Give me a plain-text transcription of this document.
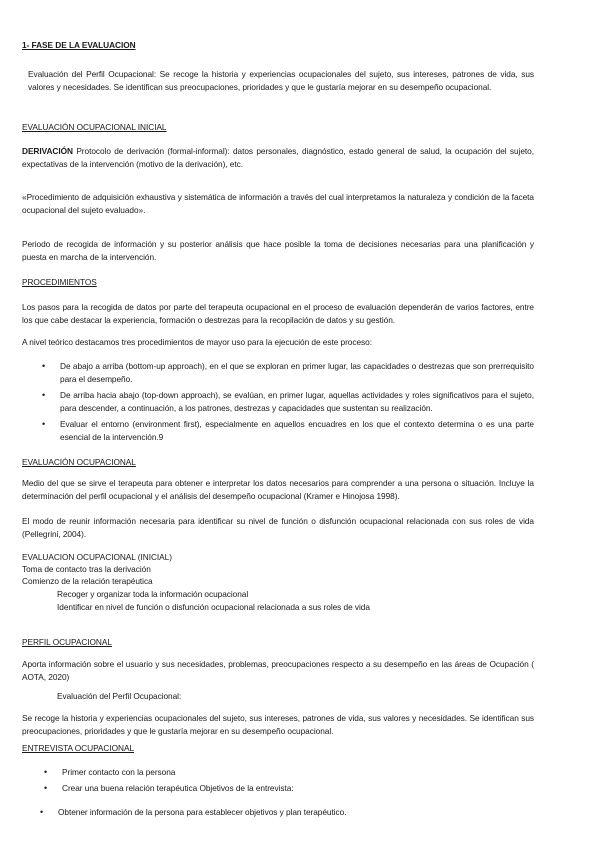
1- FASE DE LA EVALUACION

Evaluación del Perfil Ocupacional: Se recoge la historia y experiencias ocupacionales del sujeto, sus intereses, patrones de vida, sus valores y necesidades. Se identifican sus preocupaciones, prioridades y que le gustaría mejorar en su desempeño ocupacional.

EVALUACIÓN OCUPACIONAL INICIAL

DERIVACIÓN Protocolo de derivación (formal-informal): datos personales, diagnóstico, estado general de salud, la ocupación del sujeto, expectativas de la intervención (motivo de la derivación), etc.

«Procedimiento de adquisición exhaustiva y sistemática de información a través del cual interpretamos la naturaleza y condición de la faceta ocupacional del sujeto evaluado».

Periodo de recogida de información y su posterior análisis que hace posible la toma de decisiones necesarias para una planificación y puesta en marcha de la intervención.

PROCEDIMIENTOS

Los pasos para la recogida de datos por parte del terapeuta ocupacional en el proceso de evaluación dependerán de varios factores, entre los que cabe destacar la experiencia, formación o destrezas para la recopilación de datos y su gestión.

A nivel teórico destacamos tres procedimientos de mayor uso para la ejecución de este proceso:

• De abajo a arriba (bottom-up approach), en el que se exploran en primer lugar, las capacidades o destrezas que son prerrequisito para el desempeño.
• De arriba hacia abajo (top-down approach), se evalúan, en primer lugar, aquellas actividades y roles significativos para el sujeto, para descender, a continuación, a los patrones, destrezas y capacidades que sustentan su realización.
• Evaluar el entorno (environment first), especialmente en aquellos encuadres en los que el contexto determina o es una parte esencial de la intervención.9

EVALUACIÓN OCUPACIONAL

Medio del que se sirve el terapeuta para obtener e interpretar los datos necesarios para comprender a una persona o situación. Incluye la determinación del perfil ocupacional y el análisis del desempeño ocupacional (Kramer e Hinojosa 1998).

El modo de reunir información necesaria para identificar su nivel de función o disfunción ocupacional relacionada con sus roles de vida (Pellegrini, 2004).

EVALUACION OCUPACIONAL (INICIAL)

Toma de contacto tras la derivación

Comienzo de la relación terapéutica

Recoger y organizar toda la información ocupacional

Identificar en nivel de función o disfunción ocupacional relacionada a sus roles de vida

PERFIL OCUPACIONAL

Aporta información sobre el usuario y sus necesidades, problemas, preocupaciones respecto a su desempeño en las áreas de Ocupación ( AOTA, 2020)

Evaluación del Perfil Ocupacional:

Se recoge la historia y experiencias ocupacionales del sujeto, sus intereses, patrones de vida, sus valores y necesidades. Se identifican sus preocupaciones, prioridades y que le gustaría mejorar en su desempeño ocupacional.

ENTREVISTA OCUPACIONAL

• Primer contacto con la persona
• Crear una buena relación terapéutica Objetivos de la entrevista:
• Obtener información de la persona para establecer objetivos y plan terapéutico.
